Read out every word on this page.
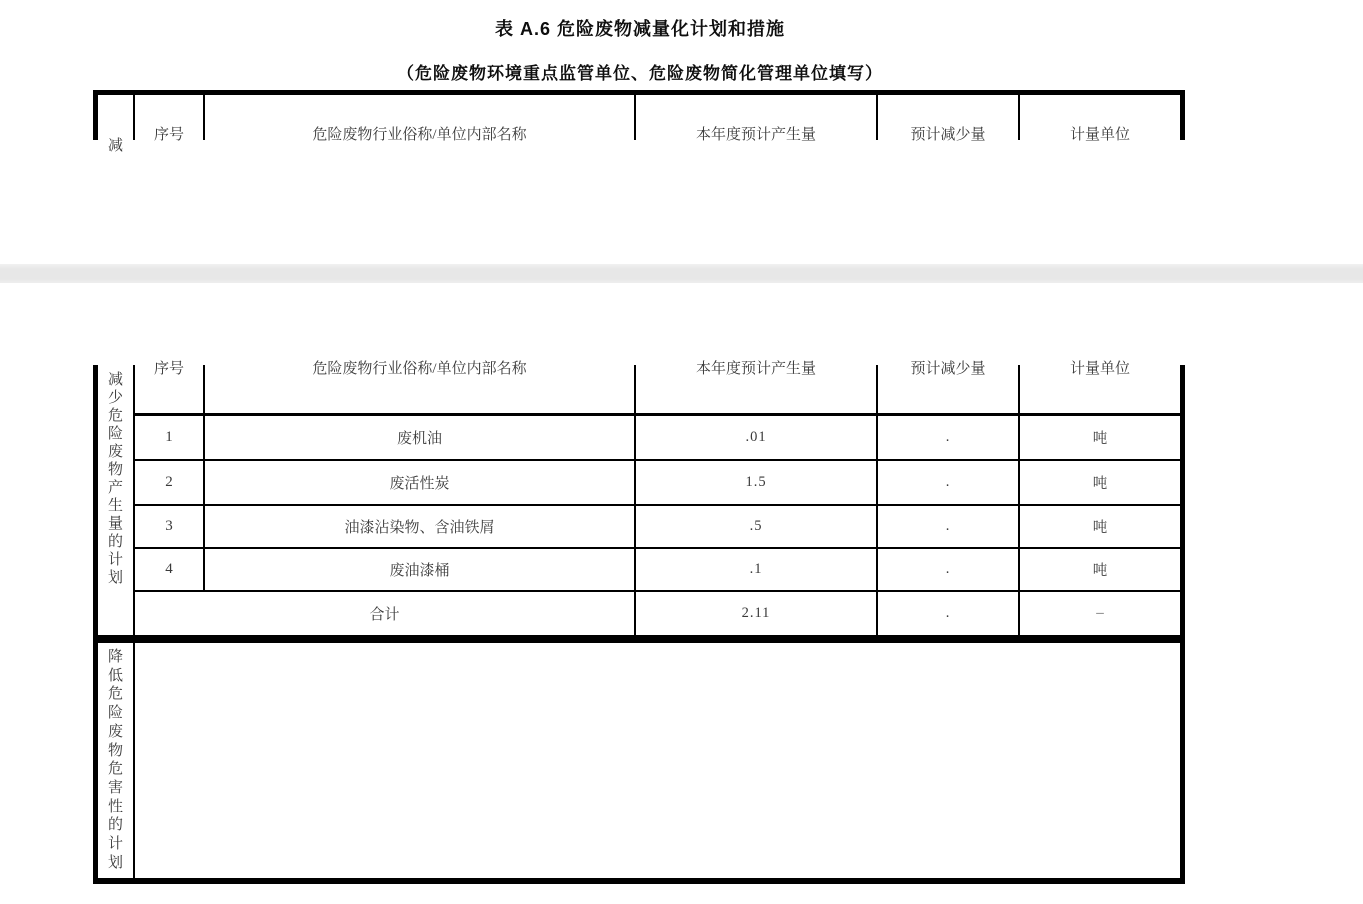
表 A.6 危险废物减量化计划和措施
（危险废物环境重点监管单位、危险废物简化管理单位填写）
减
序号	危险废物行业俗称/单位内部名称	本年度预计产生量	预计减少量	计量单位
序号	危险废物行业俗称/单位内部名称	本年度预计产生量	预计减少量	计量单位
减少危险废物产生量的计划
1	废机油	.01	.	吨
2	废活性炭	1.5	.	吨
3	油漆沾染物、含油铁屑	.5	.	吨
4	废油漆桶	.1	.	吨
合计	2.11	.	–
降低危险废物危害性的计划
